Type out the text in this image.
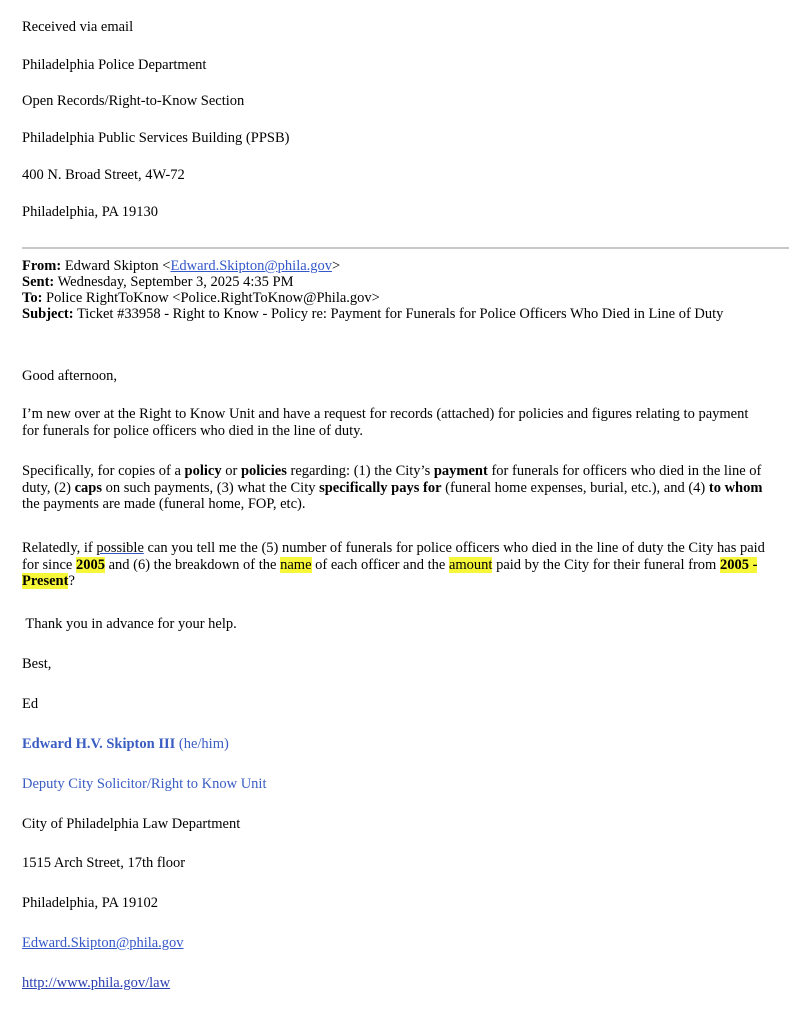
Received via email
Philadelphia Police Department
Open Records/Right-to-Know Section
Philadelphia Public Services Building (PPSB)
400 N. Broad Street, 4W-72
Philadelphia, PA 19130
From: Edward Skipton <Edward.Skipton@phila.gov>
Sent: Wednesday, September 3, 2025 4:35 PM
To: Police RightToKnow <Police.RightToKnow@Phila.gov>
Subject: Ticket #33958 - Right to Know - Policy re: Payment for Funerals for Police Officers Who Died in Line of Duty
Good afternoon,
I’m new over at the Right to Know Unit and have a request for records (attached) for policies and figures relating to payment for funerals for police officers who died in the line of duty.
Specifically, for copies of a policy or policies regarding: (1) the City’s payment for funerals for officers who died in the line of duty, (2) caps on such payments, (3) what the City specifically pays for (funeral home expenses, burial, etc.), and (4) to whom the payments are made (funeral home, FOP, etc).
Relatedly, if possible can you tell me the (5) number of funerals for police officers who died in the line of duty the City has paid for since 2005 and (6) the breakdown of the name of each officer and the amount paid by the City for their funeral from 2005 - Present?
Thank you in advance for your help.
Best,
Ed
Edward H.V. Skipton III (he/him)
Deputy City Solicitor/Right to Know Unit
City of Philadelphia Law Department
1515 Arch Street, 17th floor
Philadelphia, PA 19102
Edward.Skipton@phila.gov
http://www.phila.gov/law
